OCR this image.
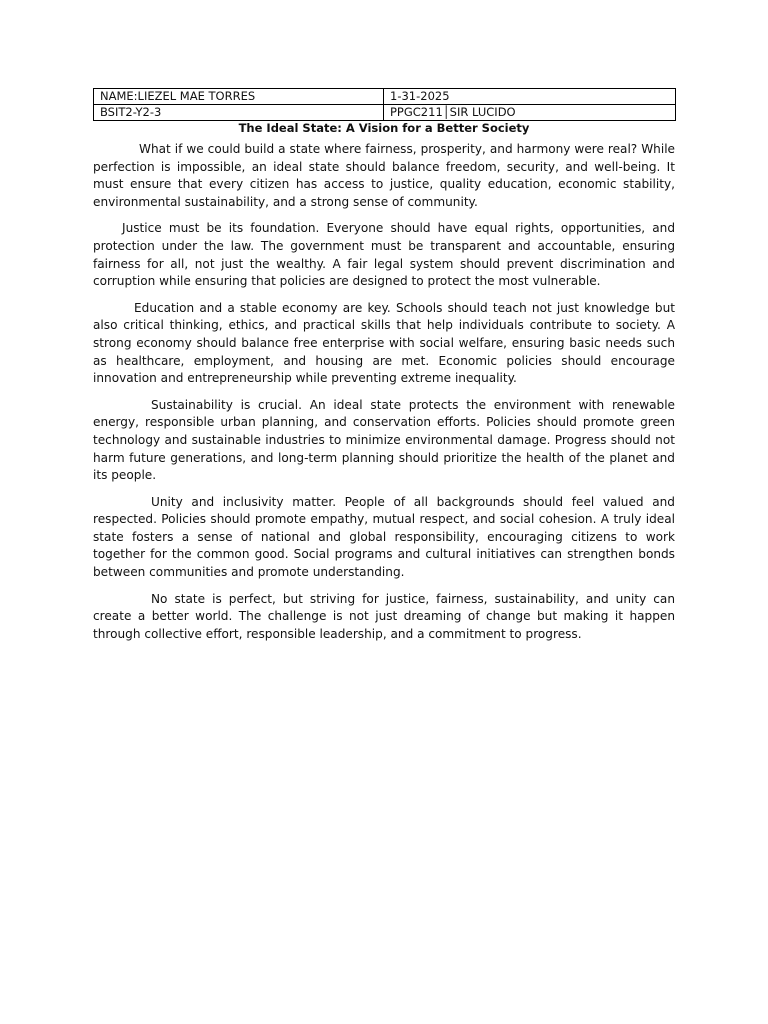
NAME:LIEZEL MAE TORRES	1-31-2025
BSIT2-Y2-3	PPGC211│SIR LUCIDO
The Ideal State: A Vision for a Better Society

What if we could build a state where fairness, prosperity, and harmony were real? While perfection is impossible, an ideal state should balance freedom, security, and well-being. It must ensure that every citizen has access to justice, quality education, economic stability, environmental sustainability, and a strong sense of community.

Justice must be its foundation. Everyone should have equal rights, opportunities, and protection under the law. The government must be transparent and accountable, ensuring fairness for all, not just the wealthy. A fair legal system should prevent discrimination and corruption while ensuring that policies are designed to protect the most vulnerable.

Education and a stable economy are key. Schools should teach not just knowledge but also critical thinking, ethics, and practical skills that help individuals contribute to society. A strong economy should balance free enterprise with social welfare, ensuring basic needs such as healthcare, employment, and housing are met. Economic policies should encourage innovation and entrepreneurship while preventing extreme inequality.

Sustainability is crucial. An ideal state protects the environment with renewable energy, responsible urban planning, and conservation efforts. Policies should promote green technology and sustainable industries to minimize environmental damage. Progress should not harm future generations, and long-term planning should prioritize the health of the planet and its people.

Unity and inclusivity matter. People of all backgrounds should feel valued and respected. Policies should promote empathy, mutual respect, and social cohesion. A truly ideal state fosters a sense of national and global responsibility, encouraging citizens to work together for the common good. Social programs and cultural initiatives can strengthen bonds between communities and promote understanding.

No state is perfect, but striving for justice, fairness, sustainability, and unity can create a better world. The challenge is not just dreaming of change but making it happen through collective effort, responsible leadership, and a commitment to progress.
